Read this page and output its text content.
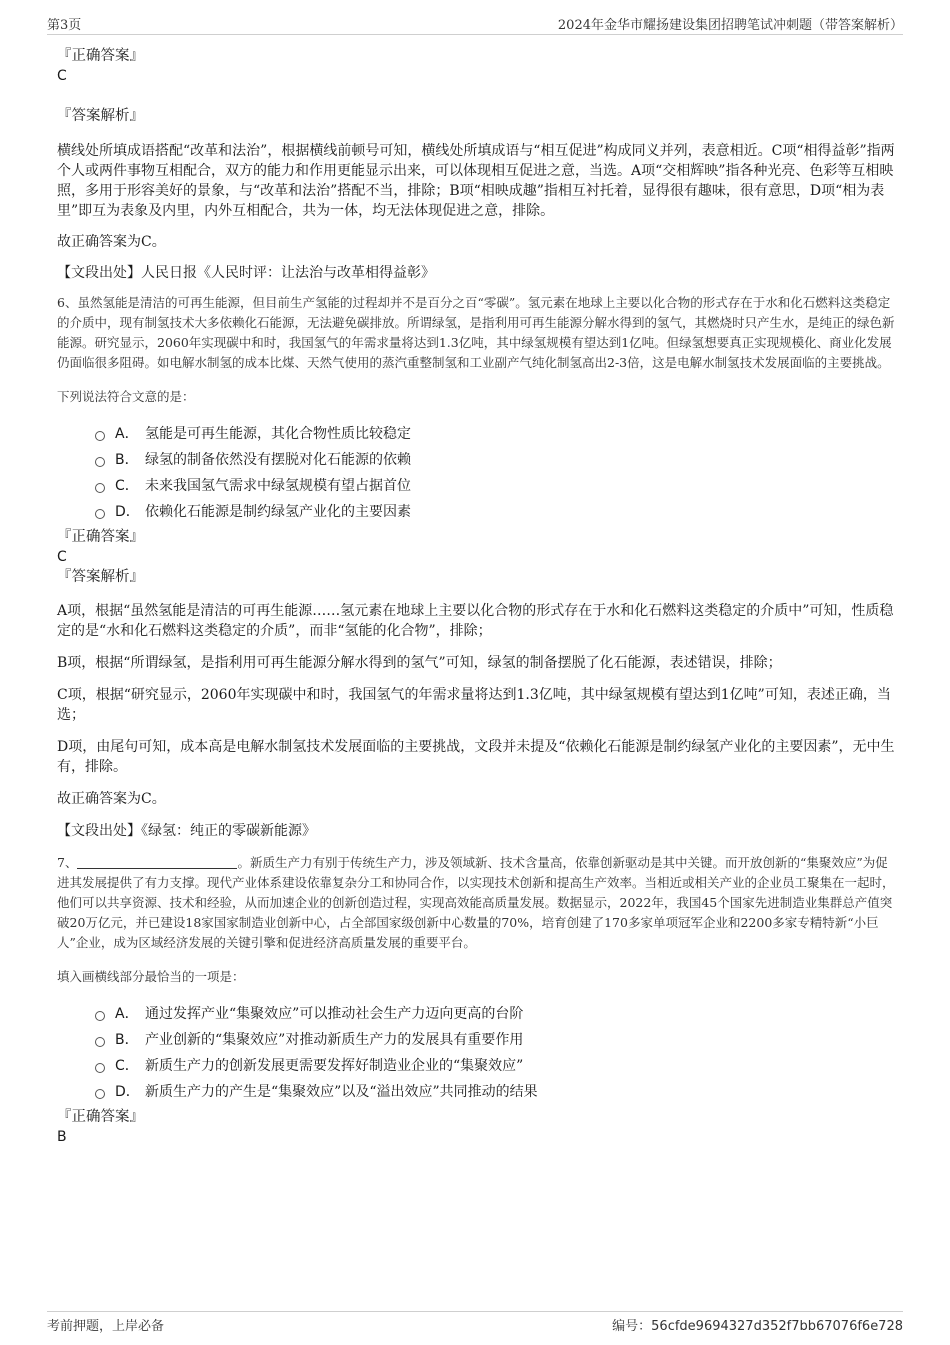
第3页	2024年金华市耀扬建设集团招聘笔试冲刺题（带答案解析）

『正确答案』

C

『答案解析』

横线处所填成语搭配“改革和法治”，根据横线前顿号可知，横线处所填成语与“相互促进”构成同义并列，表意相近。C项“相得益彰”指两个人或两件事物互相配合，双方的能力和作用更能显示出来，可以体现相互促进之意，当选。A项“交相辉映”指各种光亮、色彩等互相映照，多用于形容美好的景象，与“改革和法治”搭配不当，排除；B项“相映成趣”指相互衬托着，显得很有趣味，很有意思，D项“相为表里”即互为表象及内里，内外互相配合，共为一体，均无法体现促进之意，排除。

故正确答案为C。

【文段出处】人民日报《人民时评：让法治与改革相得益彰》

6、虽然氢能是清洁的可再生能源，但目前生产氢能的过程却并不是百分之百“零碳”。氢元素在地球上主要以化合物的形式存在于水和化石燃料这类稳定的介质中，现有制氢技术大多依赖化石能源，无法避免碳排放。所谓绿氢，是指利用可再生能源分解水得到的氢气，其燃烧时只产生水，是纯正的绿色新能源。研究显示，2060年实现碳中和时，我国氢气的年需求量将达到1.3亿吨，其中绿氢规模有望达到1亿吨。但绿氢想要真正实现规模化、商业化发展仍面临很多阻碍。如电解水制氢的成本比煤、天然气使用的蒸汽重整制氢和工业副产气纯化制氢高出2-3倍，这是电解水制氢技术发展面临的主要挑战。

下列说法符合文意的是：

A． 氢能是可再生能源，其化合物性质比较稳定
B． 绿氢的制备依然没有摆脱对化石能源的依赖
C． 未来我国氢气需求中绿氢规模有望占据首位
D． 依赖化石能源是制约绿氢产业化的主要因素

『正确答案』

C

『答案解析』

A项，根据“虽然氢能是清洁的可再生能源……氢元素在地球上主要以化合物的形式存在于水和化石燃料这类稳定的介质中”可知，性质稳定的是“水和化石燃料这类稳定的介质”，而非“氢能的化合物”，排除；

B项，根据“所谓绿氢，是指利用可再生能源分解水得到的氢气”可知，绿氢的制备摆脱了化石能源，表述错误，排除；

C项，根据“研究显示，2060年实现碳中和时，我国氢气的年需求量将达到1.3亿吨，其中绿氢规模有望达到1亿吨”可知，表述正确，当选；

D项，由尾句可知，成本高是电解水制氢技术发展面临的主要挑战，文段并未提及“依赖化石能源是制约绿氢产业化的主要因素”，无中生有，排除。

故正确答案为C。

【文段出处】《绿氢：纯正的零碳新能源》

7、	。新质生产力有别于传统生产力，涉及领域新、技术含量高，依靠创新驱动是其中关键。而开放创新的“集聚效应”为促进其发展提供了有力支撑。现代产业体系建设依靠复杂分工和协同合作，以实现技术创新和提高生产效率。当相近或相关产业的企业员工聚集在一起时，他们可以共享资源、技术和经验，从而加速企业的创新创造过程，实现高效能高质量发展。数据显示，2022年，我国45个国家先进制造业集群总产值突破20万亿元，并已建设18家国家制造业创新中心，占全部国家级创新中心数量的70%，培育创建了170多家单项冠军企业和2200多家专精特新“小巨人”企业，成为区域经济发展的关键引擎和促进经济高质量发展的重要平台。

填入画横线部分最恰当的一项是：

A． 通过发挥产业“集聚效应”可以推动社会生产力迈向更高的台阶
B． 产业创新的“集聚效应”对推动新质生产力的发展具有重要作用
C． 新质生产力的创新发展更需要发挥好制造业企业的“集聚效应”
D． 新质生产力的产生是“集聚效应”以及“溢出效应”共同推动的结果

『正确答案』

B

考前押题，上岸必备	编号：56cfde9694327d352f7bb67076f6e728
